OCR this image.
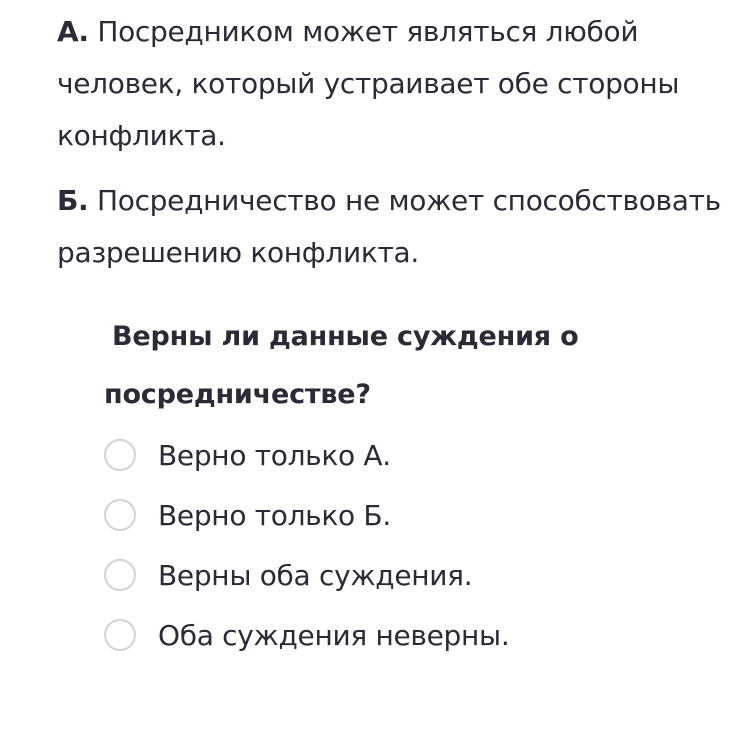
А. Посредником может являться любой человек, который устраивает обе стороны конфликта.
Б. Посредничество не может способствовать разрешению конфликта.
Верны ли данные суждения о посредничестве?
Верно только А.
Верно только Б.
Верны оба суждения.
Оба суждения неверны.
